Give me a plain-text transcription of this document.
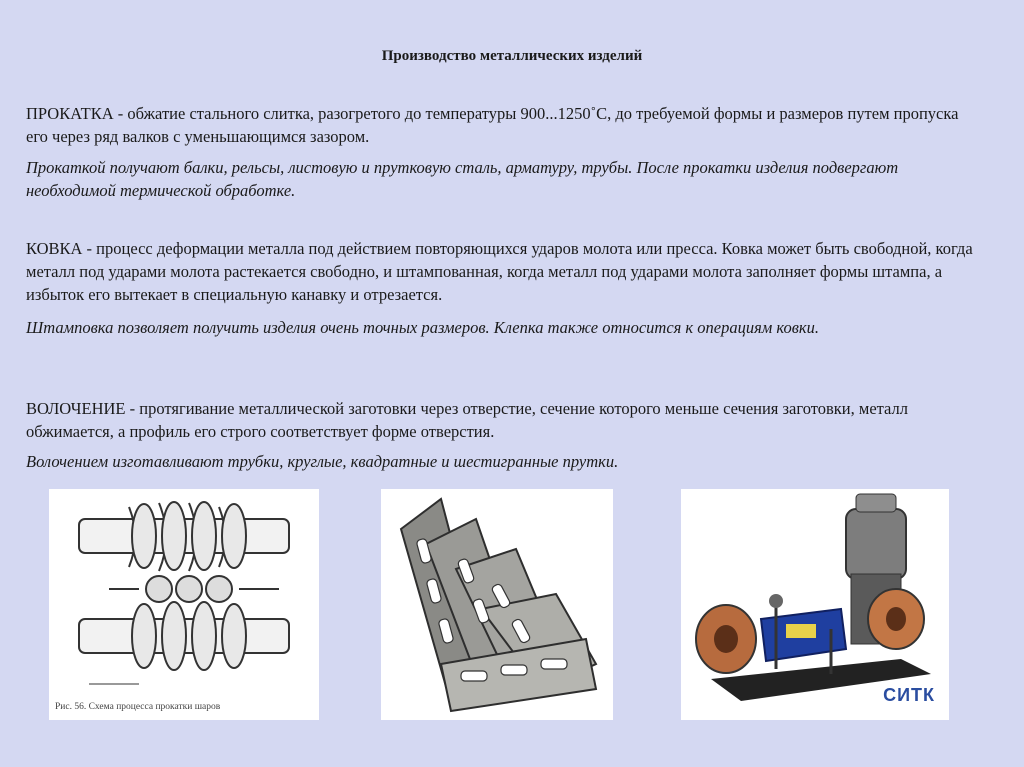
Производство металлических изделий

ПРОКАТКА - обжатие стального слитка, разогретого до температуры 900...1250˚С, до требуемой формы и размеров путем пропуска его через ряд валков с уменьшающимся зазором.

Прокаткой получают балки, рельсы, листовую и прутковую сталь, арматуру, трубы. После прокатки изделия подвергают необходимой термической обработке.

КОВКА - процесс деформации металла под действием повторяющихся ударов молота или пресса. Ковка может быть свободной, когда металл под ударами молота растекается свободно, и штампованная, когда металл под ударами молота заполняет формы штампа, а избыток его вытекает в специальную канавку и отрезается.

Штамповка позволяет получить изделия очень точных размеров. Клепка также относится к операциям ковки.

ВОЛОЧЕНИЕ - протягивание металлической заготовки через отверстие, сечение которого меньше сечения заготовки, металл обжимается, а профиль его строго соответствует форме отверстия.

Волочением изготавливают трубки, круглые, квадратные и шестигранные прутки.

Рис. 56. Схема процесса прокатки шаров
СИТК
